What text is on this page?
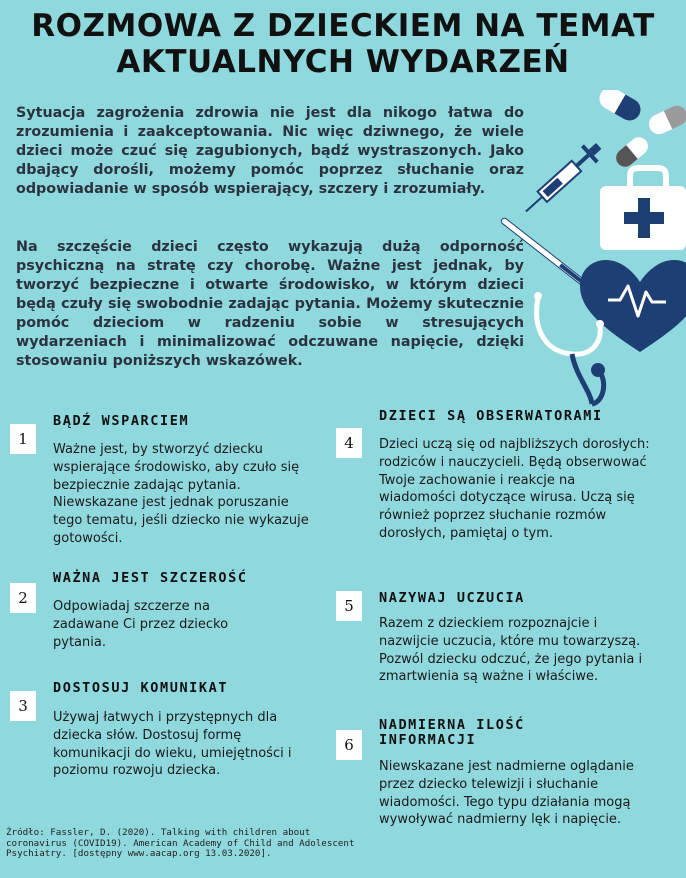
ROZMOWA Z DZIECKIEM NA TEMAT
AKTUALNYCH WYDARZEŃ

Sytuacja zagrożenia zdrowia nie jest dla nikogo łatwa do zrozumienia i zaakceptowania. Nic więc dziwnego, że wiele dzieci może czuć się zagubionych, bądź wystraszonych. Jako dbający dorośli, możemy pomóc poprzez słuchanie oraz odpowiadanie w sposób wspierający, szczery i zrozumiały.

Na szczęście dzieci często wykazują dużą odporność psychiczną na stratę czy chorobę. Ważne jest jednak, by tworzyć bezpieczne i otwarte środowisko, w którym dzieci będą czuły się swobodnie zadając pytania. Możemy skutecznie pomóc dzieciom w radzeniu sobie w stresujących wydarzeniach i minimalizować odczuwane napięcie, dzięki stosowaniu poniższych wskazówek.

1
BĄDŹ WSPARCIEM
Ważne jest, by stworzyć dziecku wspierające środowisko, aby czuło się bezpiecznie zadając pytania. Niewskazane jest jednak poruszanie tego tematu, jeśli dziecko nie wykazuje gotowości.
2
WAŻNA JEST SZCZEROŚĆ
Odpowiadaj szczerze na zadawane Ci przez dziecko pytania.
3
DOSTOSUJ KOMUNIKAT
Używaj łatwych i przystępnych dla dziecka słów. Dostosuj formę komunikacji do wieku, umiejętności i poziomu rozwoju dziecka.
4
DZIECI SĄ OBSERWATORAMI
Dzieci uczą się od najbliższych dorosłych: rodziców i nauczycieli. Będą obserwować Twoje zachowanie i reakcje na wiadomości dotyczące wirusa. Uczą się również poprzez słuchanie rozmów dorosłych, pamiętaj o tym.
5	NAZYWAJ UCZUCIA
Razem z dzieckiem rozpoznajcie i nazwijcie uczucia, które mu towarzyszą. Pozwól dziecku odczuć, że jego pytania i zmartwienia są ważne i właściwe.
6
NADMIERNA ILOŚĆ INFORMACJI
Niewskazane jest nadmierne oglądanie przez dziecko telewizji i słuchanie wiadomości. Tego typu działania mogą wywoływać nadmierny lęk i napięcie.
Źródło: Fassler, D. (2020). Talking with children about coronavirus (COVID19). American Academy of Child and Adolescent Psychiatry. [dostępny www.aacap.org 13.03.2020].
